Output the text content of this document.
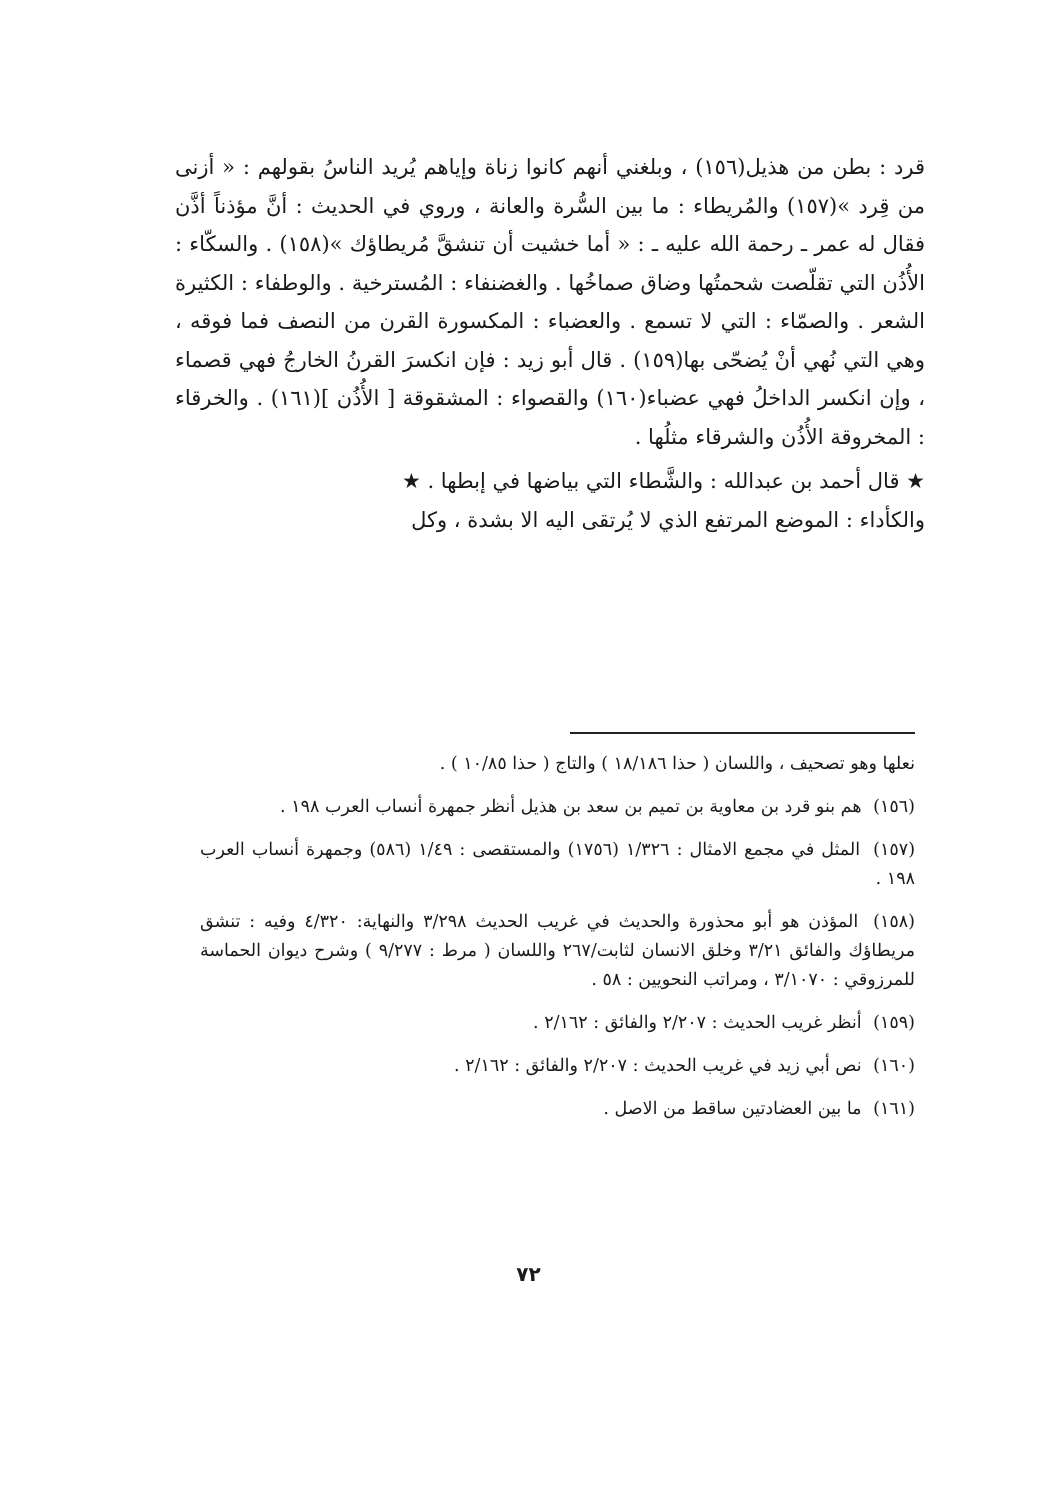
قرد : بطن من هذيل(١٥٦) ، وبلغني أنهم كانوا زناة وإياهم يُريد الناسُ بقولهم : « أزنى من قِرد »(١٥٧) والمُريطاء : ما بين السُّرة والعانة ، وروي في الحديث : أنَّ مؤذناً أذَّن فقال له عمر ـ رحمة الله عليه ـ : « أما خشيت أن تنشقَّ مُريطاؤك »(١٥٨) . والسكّاء : الأُذُن التي تقلّصت شحمتُها وضاق صماخُها . والغضنفاء : المُسترخية . والوطفاء : الكثيرة الشعر . والصمّاء : التي لا تسمع . والعضباء : المكسورة القرن من النصف فما فوقه ، وهي التي نُهي أنْ يُضحّى بها(١٥٩) . قال أبو زيد : فإن انكسرَ القرنُ الخارجُ فهي قصماء ، وإن انكسر الداخلُ فهي عضباء(١٦٠) والقصواء : المشقوقة [ الأُذُن ](١٦١) . والخرقاء : المخروقة الأُذُن والشرقاء مثلُها .

★ قال أحمد بن عبدالله : والشَّطاء التي بياضها في إبطها . ★

والكأداء : الموضع المرتفع الذي لا يُرتقى اليه الا بشدة ، وكل

نعلها وهو تصحيف ، واللسان ( حذا ١٨/١٨٦ ) والتاج ( حذا ١٠/٨٥ ) .

(١٥٦) هم بنو قرد بن معاوية بن تميم بن سعد بن هذيل أنظر جمهرة أنساب العرب ١٩٨ .

(١٥٧) المثل في مجمع الامثال : ١/٣٢٦ (١٧٥٦) والمستقصى : ١/٤٩ (٥٨٦) وجمهرة أنساب العرب ١٩٨ .

(١٥٨) المؤذن هو أبو محذورة والحديث في غريب الحديث ٣/٢٩٨ والنهاية: ٤/٣٢٠ وفيه : تنشق مريطاؤك والفائق ٣/٢١ وخلق الانسان لثابت/٢٦٧ واللسان ( مرط : ٩/٢٧٧ ) وشرح ديوان الحماسة للمرزوقي : ٣/١٠٧٠ ، ومراتب النحويين : ٥٨ .

(١٥٩) أنظر غريب الحديث : ٢/٢٠٧ والفائق : ٢/١٦٢ .

(١٦٠) نص أبي زيد في غريب الحديث : ٢/٢٠٧ والفائق : ٢/١٦٢ .

(١٦١) ما بين العضادتين ساقط من الاصل .

٧٢
